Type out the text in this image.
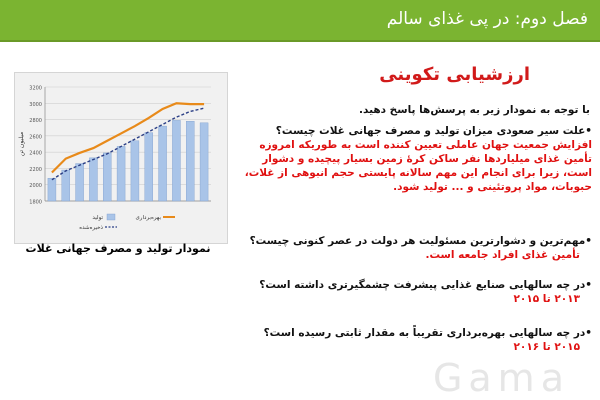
فصل دوم: در پی غذای سالم
ارزشیابی تکوینی
1800
2000
2200
2400
2600
2800
3000
3200
میلیون تن
بهره‌برداری
تولید
ذخیره‌شده
نمودار تولید و مصرف جهانی غلات
با توجه به نمودار زیر به پرسش‌ها پاسخ دهید.
•علت سیر صعودی میزان تولید و مصرف جهانی غلات چیست؟
افزایش جمعیت جهان عاملی تعیین کننده است به طوریکه امروزه تأمین غذای میلیاردها نفر ساکن کرهٔ زمین بسیار پیچیده و دشوار است، زیرا برای انجام این مهم سالانه پایستی حجم انبوهی از غلات، حبوبات، مواد پروتئینی و ... تولید شود.
•مهم‌ترین و دشوارترین مسئولیت هر دولت در عصر کنونی چیست؟
تأمین غذای افراد جامعه است.
•در چه سالهایی صنایع غذایی پیشرفت چشمگیرتری داشته است؟
۲۰۱۳ تا ۲۰۱۵
•در چه سالهایی بهره‌برداری تقریباً به مقدار ثابتی رسیده است؟
۲۰۱۵ تا ۲۰۱۶
Gama
